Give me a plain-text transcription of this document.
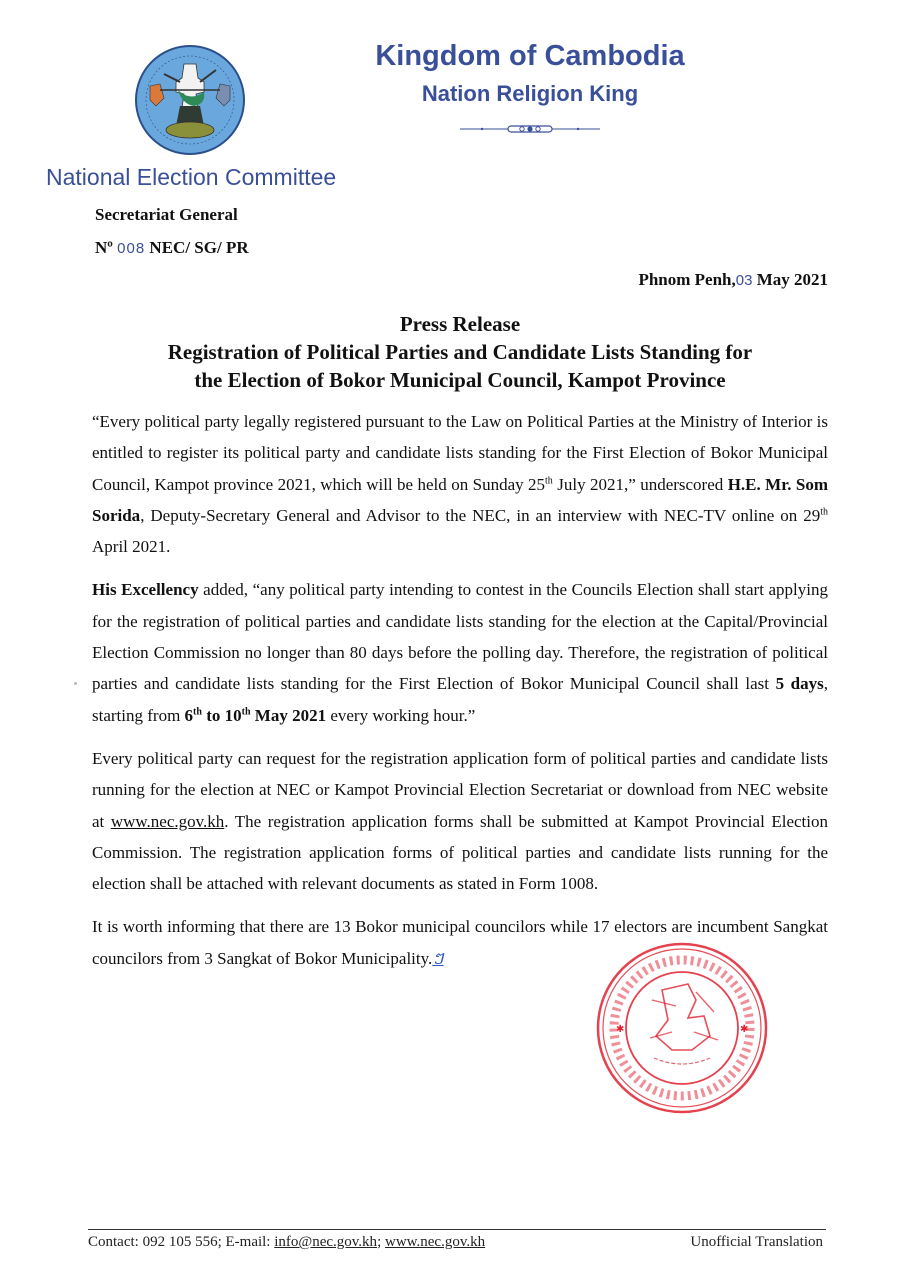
National Election Committee
Kingdom of Cambodia
Nation Religion King
Secretariat General
Nº 008 NEC/ SG/ PR
Phnom Penh,03 May 2021
Press Release
Registration of Political Parties and Candidate Lists Standing for
the Election of Bokor Municipal Council, Kampot Province

“Every political party legally registered pursuant to the Law on Political Parties at the Ministry of Interior is entitled to register its political party and candidate lists standing for the First Election of Bokor Municipal Council, Kampot province 2021, which will be held on Sunday 25th July 2021,” underscored H.E. Mr. Som Sorida, Deputy-Secretary General and Advisor to the NEC, in an interview with NEC-TV online on 29th April 2021.

His Excellency added, “any political party intending to contest in the Councils Election shall start applying for the registration of political parties and candidate lists standing for the election at the Capital/Provincial Election Commission no longer than 80 days before the polling day. Therefore, the registration of political parties and candidate lists standing for the First Election of Bokor Municipal Council shall last 5 days, starting from 6th to 10th May 2021 every working hour.”

Every political party can request for the registration application form of political parties and candidate lists running for the election at NEC or Kampot Provincial Election Secretariat or download from NEC website at www.nec.gov.kh. The registration application forms shall be submitted at Kampot Provincial Election Commission. The registration application forms of political parties and candidate lists running for the election shall be attached with relevant documents as stated in Form 1008.

It is worth informing that there are 13 Bokor municipal councilors while 17 electors are incumbent Sangkat councilors from 3 Sangkat of Bokor Municipality.ៗ

✱	✱
Contact: 092 105 556; E-mail: info@nec.gov.kh; www.nec.gov.kh	Unofficial Translation
